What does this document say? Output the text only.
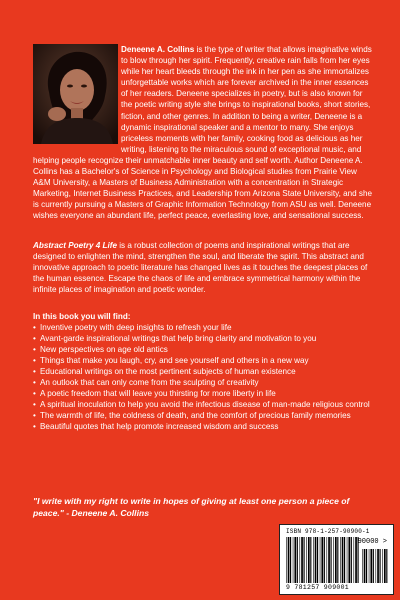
Deneene A. Collins is the type of writer that allows imaginative winds to blow through her spirit. Frequently, creative rain falls from her eyes while her heart bleeds through the ink in her pen as she immortalizes unforgettable works which are forever archived in the inner essences of her readers. Deneene specializes in poetry, but is also known for the poetic writing style she brings to inspirational books, short stories, fiction, and other genres. In addition to being a writer, Deneene is a dynamic inspirational speaker and a mentor to many. She enjoys priceless moments with her family, cooking food as delicious as her writing, listening to the miraculous sound of exceptional music, and helping people recognize their unmatchable inner beauty and self worth. Author Deneene A. Collins has a Bachelor's of Science in Psychology and Biological studies from Prairie View A&M University, a Masters of Business Administration with a concentration in Strategic Marketing, Internet Business Practices, and Leadership from Arizona State University, and she is currently pursuing a Masters of Graphic Information Technology from ASU as well. Deneene wishes everyone an abundant life, perfect peace, everlasting love, and sensational success.

Abstract Poetry 4 Life is a robust collection of poems and inspirational writings that are designed to enlighten the mind, strengthen the soul, and liberate the spirit. This abstract and innovative approach to poetic literature has changed lives as it touches the deepest places of the human essence. Escape the chaos of life and embrace symmetrical harmony within the infinite places of imagination and poetic wonder.

In this book you will find:

• Inventive poetry with deep insights to refresh your life
• Avant-garde inspirational writings that help bring clarity and motivation to you
• New perspectives on age old antics
• Things that make you laugh, cry, and see yourself and others in a new way
• Educational writings on the most pertinent subjects of human existence
• An outlook that can only come from the sculpting of creativity
• A poetic freedom that will leave you thirsting for more liberty in life
• A spiritual inoculation to help you avoid the infectious disease of man-made religious control
• The warmth of life, the coldness of death, and the comfort of precious family memories
• Beautiful quotes that help promote increased wisdom and success

"I write with my right to write in hopes of giving at least one person a piece of peace." - Deneene A. Collins

ISBN 978-1-257-90900-1
90000 >
9 781257 909001
